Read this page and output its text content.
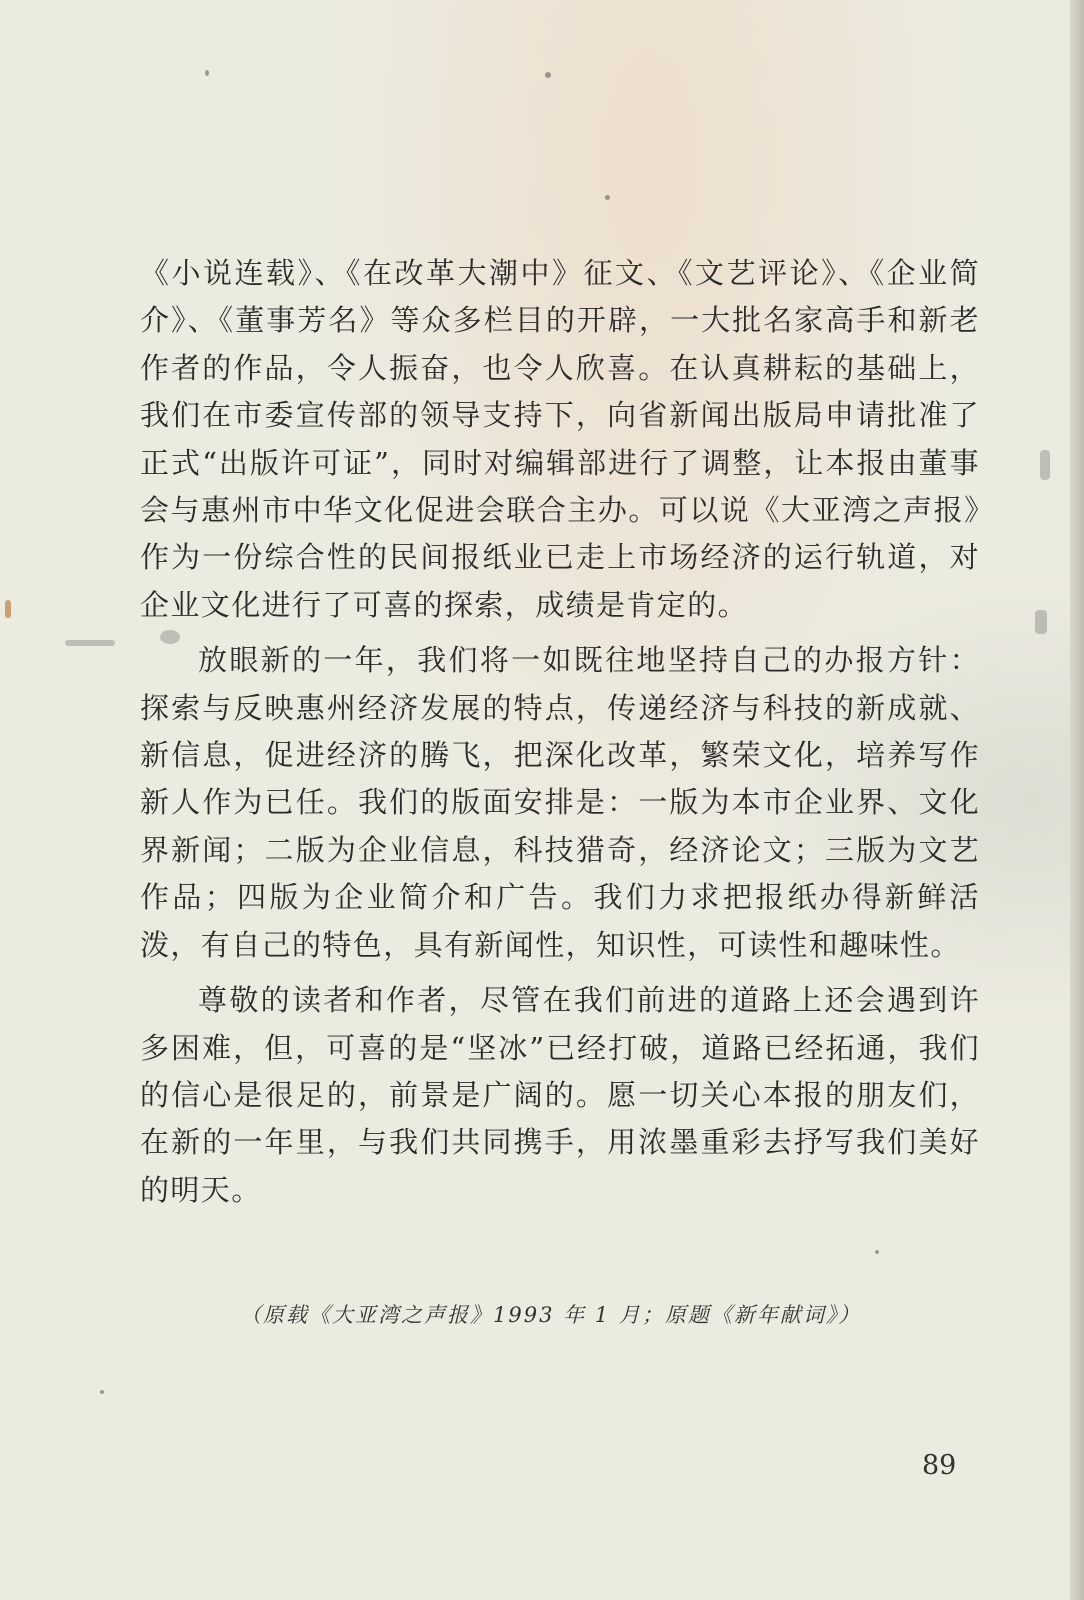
《小说连载》、《在改革大潮中》征文、《文艺评论》、《企业简介》、《董事芳名》等众多栏目的开辟，一大批名家高手和新老作者的作品，令人振奋，也令人欣喜。在认真耕耘的基础上，我们在市委宣传部的领导支持下，向省新闻出版局申请批准了正式“出版许可证”，同时对编辑部进行了调整，让本报由董事会与惠州市中华文化促进会联合主办。可以说《大亚湾之声报》作为一份综合性的民间报纸业已走上市场经济的运行轨道，对企业文化进行了可喜的探索，成绩是肯定的。

放眼新的一年，我们将一如既往地坚持自己的办报方针：探索与反映惠州经济发展的特点，传递经济与科技的新成就、新信息，促进经济的腾飞，把深化改革，繁荣文化，培养写作新人作为已任。我们的版面安排是：一版为本市企业界、文化界新闻；二版为企业信息，科技猎奇，经济论文；三版为文艺作品；四版为企业简介和广告。我们力求把报纸办得新鲜活泼，有自己的特色，具有新闻性，知识性，可读性和趣味性。

尊敬的读者和作者，尽管在我们前进的道路上还会遇到许多困难，但，可喜的是“坚冰”已经打破，道路已经拓通，我们的信心是很足的，前景是广阔的。愿一切关心本报的朋友们，在新的一年里，与我们共同携手，用浓墨重彩去抒写我们美好的明天。

（原载《大亚湾之声报》1993 年 1 月；原题《新年献词》）
89
